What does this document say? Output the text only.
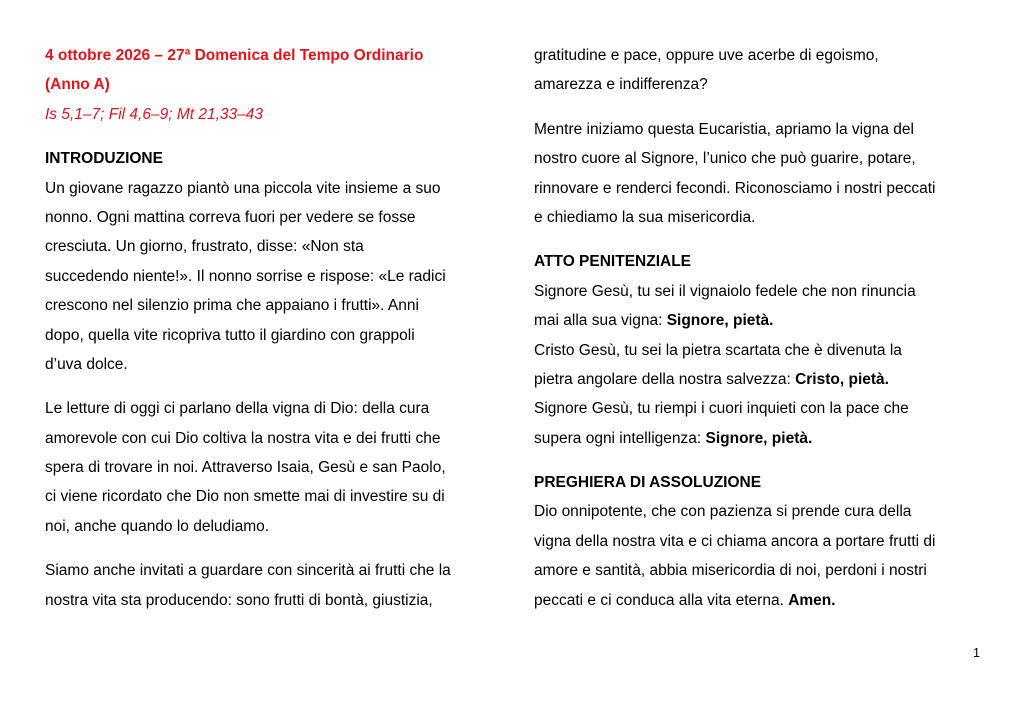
4 ottobre 2026 – 27ª Domenica del Tempo Ordinario
(Anno A)
Is 5,1–7; Fil 4,6–9; Mt 21,33–43
INTRODUZIONE
Un giovane ragazzo piantò una piccola vite insieme a suo
nonno. Ogni mattina correva fuori per vedere se fosse
cresciuta. Un giorno, frustrato, disse: «Non sta
succedendo niente!». Il nonno sorrise e rispose: «Le radici
crescono nel silenzio prima che appaiano i frutti». Anni
dopo, quella vite ricopriva tutto il giardino con grappoli
d’uva dolce.
Le letture di oggi ci parlano della vigna di Dio: della cura
amorevole con cui Dio coltiva la nostra vita e dei frutti che
spera di trovare in noi. Attraverso Isaia, Gesù e san Paolo,
ci viene ricordato che Dio non smette mai di investire su di
noi, anche quando lo deludiamo.
Siamo anche invitati a guardare con sincerità ai frutti che la
nostra vita sta producendo: sono frutti di bontà, giustizia,
gratitudine e pace, oppure uve acerbe di egoismo,
amarezza e indifferenza?
Mentre iniziamo questa Eucaristia, apriamo la vigna del
nostro cuore al Signore, l’unico che può guarire, potare,
rinnovare e renderci fecondi. Riconosciamo i nostri peccati
e chiediamo la sua misericordia.
ATTO PENITENZIALE
Signore Gesù, tu sei il vignaiolo fedele che non rinuncia
mai alla sua vigna: Signore, pietà.
Cristo Gesù, tu sei la pietra scartata che è divenuta la
pietra angolare della nostra salvezza: Cristo, pietà.
Signore Gesù, tu riempi i cuori inquieti con la pace che
supera ogni intelligenza: Signore, pietà.
PREGHIERA DI ASSOLUZIONE
Dio onnipotente, che con pazienza si prende cura della
vigna della nostra vita e ci chiama ancora a portare frutti di
amore e santità, abbia misericordia di noi, perdoni i nostri
peccati e ci conduca alla vita eterna. Amen.
1
